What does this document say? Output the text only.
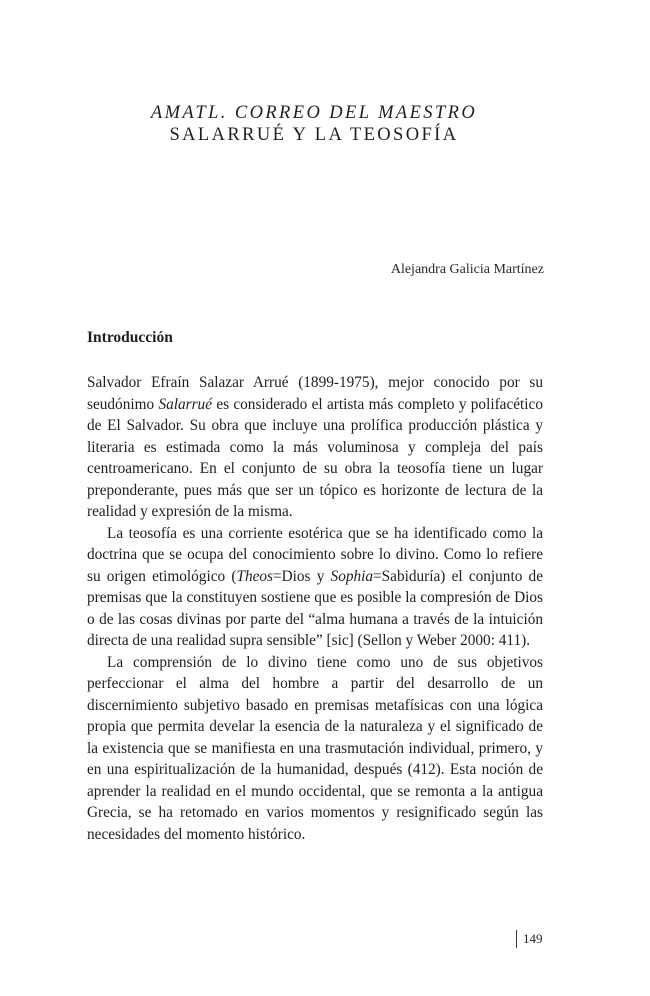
AMATL. CORREO DEL MAESTRO
SALARRUÉ Y LA TEOSOFÍA
Alejandra Galicia Martínez
Introducción

Salvador Efraín Salazar Arrué (1899-1975), mejor conocido por su seudónimo Salarrué es considerado el artista más completo y polifacético de El Salvador. Su obra que incluye una prolífica producción plástica y literaria es estimada como la más voluminosa y compleja del país centroamericano. En el conjunto de su obra la teosofía tiene un lugar preponderante, pues más que ser un tópico es horizonte de lectura de la realidad y expresión de la misma.

La teosofía es una corriente esotérica que se ha identificado como la doctrina que se ocupa del conocimiento sobre lo divino. Como lo refiere su origen etimológico (Theos=Dios y Sophia=Sabiduría) el conjunto de premisas que la constituyen sostiene que es posible la compresión de Dios o de las cosas divinas por parte del “alma humana a través de la intuición directa de una realidad supra sensible” [sic] (Sellon y Weber 2000: 411).

La comprensión de lo divino tiene como uno de sus objetivos perfeccionar el alma del hombre a partir del desarrollo de un discernimiento subjetivo basado en premisas metafísicas con una lógica propia que permita develar la esencia de la naturaleza y el significado de la existencia que se manifiesta en una trasmutación individual, primero, y en una espiritualización de la humanidad, después (412). Esta noción de aprender la realidad en el mundo occidental, que se remonta a la antigua Grecia, se ha retomado en varios momentos y resignificado según las necesidades del momento histórico.

149
